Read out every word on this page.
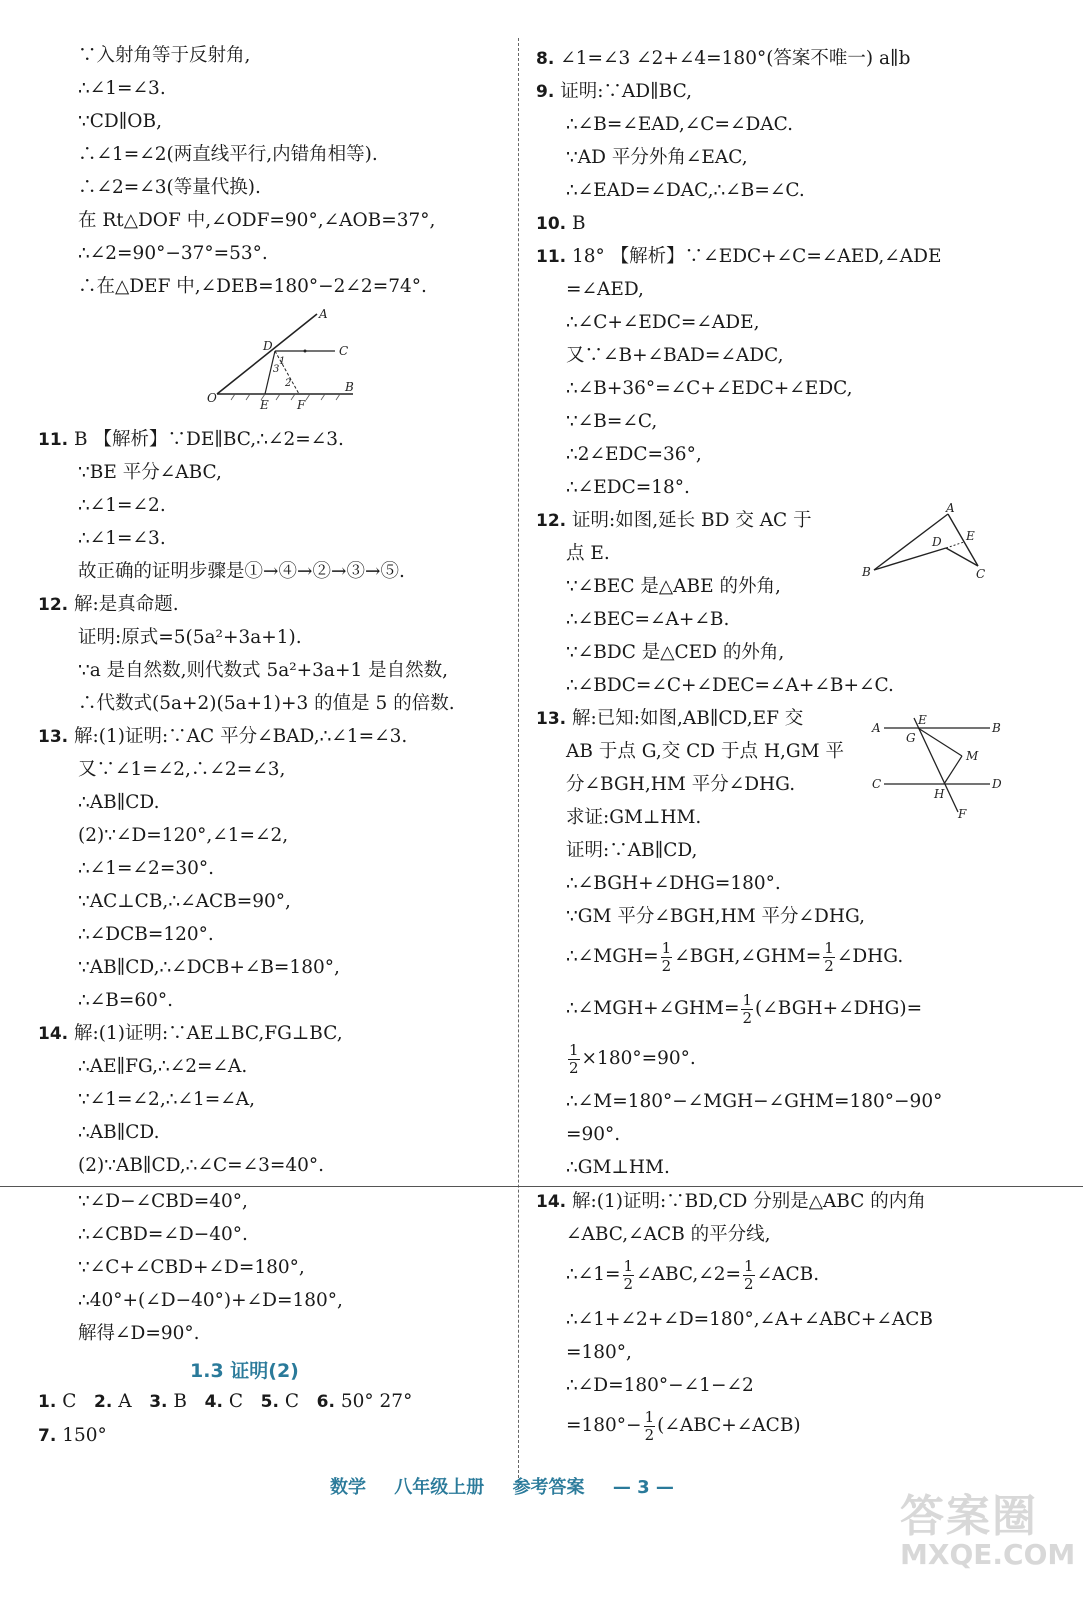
∵入射角等于反射角,
∴∠1=∠3.
∵CD∥OB,
∴∠1=∠2(两直线平行,内错角相等).
∴∠2=∠3(等量代换).
在 Rt△DOF 中,∠ODF=90°,∠AOB=37°,
∴∠2=90°−37°=53°.
∴在△DEF 中,∠DEB=180°−2∠2=74°.
A
D	C
O	E F
B
1
3
2
11. B 【解析】∵DE∥BC,∴∠2=∠3.
∵BE 平分∠ABC,
∴∠1=∠2.
∴∠1=∠3.
故正确的证明步骤是①→④→②→③→⑤.
12. 解:是真命题.
证明:原式=5(5a²+3a+1).
∵a 是自然数,则代数式 5a²+3a+1 是自然数,
∴代数式(5a+2)(5a+1)+3 的值是 5 的倍数.
13. 解:(1)证明:∵AC 平分∠BAD,∴∠1=∠3.
又∵∠1=∠2,∴∠2=∠3,
∴AB∥CD.
(2)∵∠D=120°,∠1=∠2,
∴∠1=∠2=30°.
∵AC⊥CB,∴∠ACB=90°,
∴∠DCB=120°.
∵AB∥CD,∴∠DCB+∠B=180°,
∴∠B=60°.
14. 解:(1)证明:∵AE⊥BC,FG⊥BC,
∴AE∥FG,∴∠2=∠A.
∵∠1=∠2,∴∠1=∠A,
∴AB∥CD.
(2)∵AB∥CD,∴∠C=∠3=40°.
∵∠D−∠CBD=40°,
∴∠CBD=∠D−40°.
∵∠C+∠CBD+∠D=180°,
∴40°+(∠D−40°)+∠D=180°,
解得∠D=90°.
1.3 证明(2)
1. C 2. A 3. B 4. C 5. C 6. 50° 27°
7. 150°
8. ∠1=∠3 ∠2+∠4=180°(答案不唯一) a∥b
9. 证明:∵AD∥BC,
∴∠B=∠EAD,∠C=∠DAC.
∵AD 平分外角∠EAC,
∴∠EAD=∠DAC,∴∠B=∠C.
10. B
11. 18° 【解析】∵∠EDC+∠C=∠AED,∠ADE
=∠AED,
∴∠C+∠EDC=∠ADE,
又∵∠B+∠BAD=∠ADC,
∴∠B+36°=∠C+∠EDC+∠EDC,
∵∠B=∠C,
∴2∠EDC=36°,
∴∠EDC=18°.
12. 证明:如图,延长 BD 交 AC 于
点 E.
∵∠BEC 是△ABE 的外角,
∴∠BEC=∠A+∠B.
∵∠BDC 是△CED 的外角,
∴∠BDC=∠C+∠DEC=∠A+∠B+∠C.
A
B	C
D E
13. 解:已知:如图,AB∥CD,EF 交
AB 于点 G,交 CD 于点 H,GM 平
分∠BGH,HM 平分∠DHG.
求证:GM⊥HM.
证明:∵AB∥CD,
∴∠BGH+∠DHG=180°.
∵GM 平分∠BGH,HM 平分∠DHG,
∴∠MGH= $\frac{1}{2}$ ∠BGH,∠GHM= $\frac{1}{2}$ ∠DHG.
∴∠MGH+∠GHM= $\frac{1}{2}$ (∠BGH+∠DHG)=
$\frac{1}{2} \times 180^\circ=90^\circ$.
∴∠M=180°−∠MGH−∠GHM=180°−90°
=90°.
∴GM⊥HM.
A	B
C	D
E
F
G
H
M
14. 解:(1)证明:∵BD,CD 分别是△ABC 的内角
∠ABC,∠ACB 的平分线,
∴∠1= $\frac{1}{2}$ ∠ABC,∠2= $\frac{1}{2}$ ∠ACB.
∴∠1+∠2+∠D=180°,∠A+∠ABC+∠ACB
=180°,
∴∠D=180°−∠1−∠2
$=180^\circ- \frac{1}{2}$ (∠ABC+∠ACB)
数学 八年级上册 参考答案 — 3 —
答案圈
MXQE.COM
